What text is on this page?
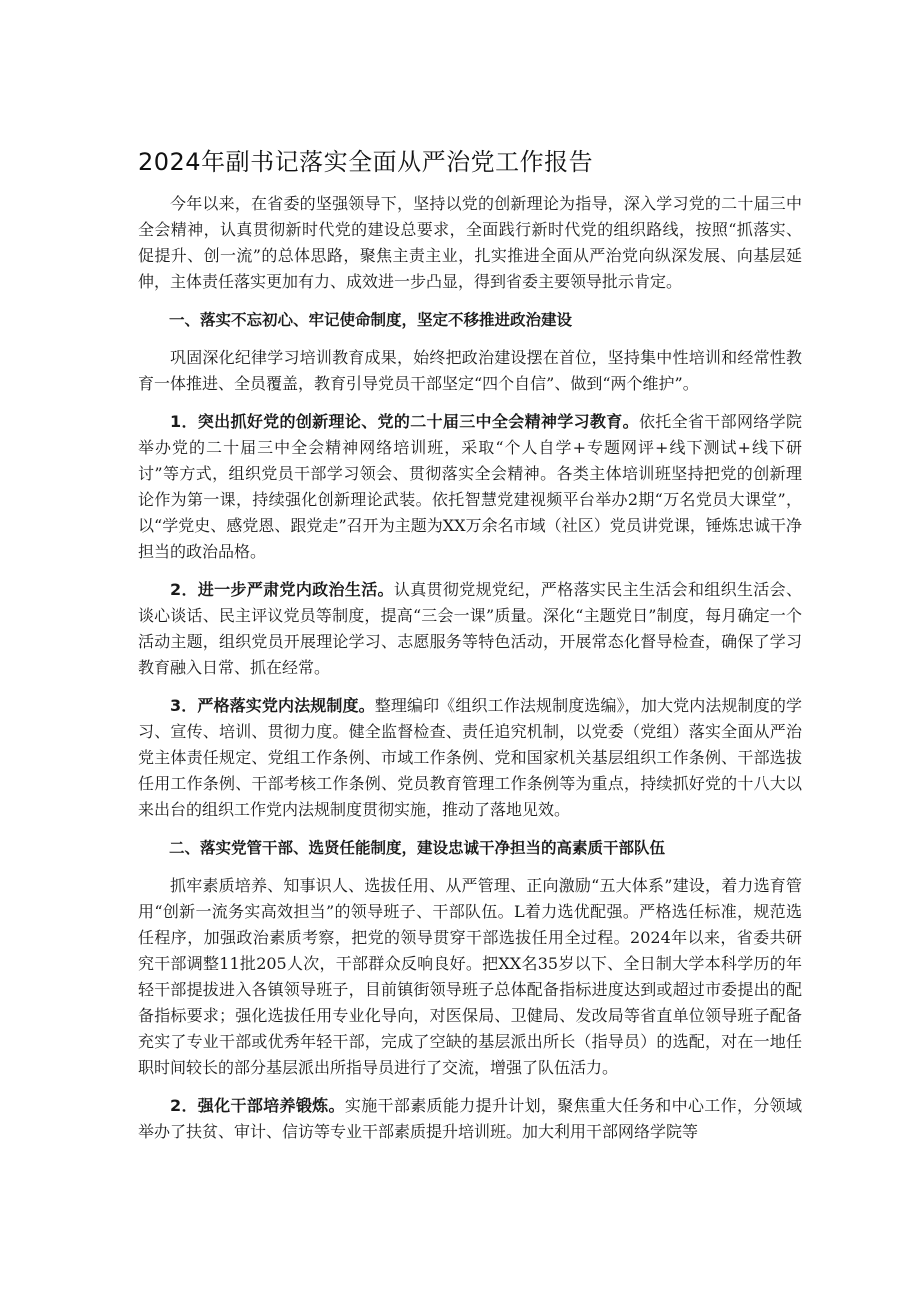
2024年副书记落实全面从严治党工作报告

今年以来，在省委的坚强领导下，坚持以党的创新理论为指导，深入学习党的二十届三中全会精神，认真贯彻新时代党的建设总要求，全面践行新时代党的组织路线，按照“抓落实、促提升、创一流”的总体思路，聚焦主责主业，扎实推进全面从严治党向纵深发展、向基层延伸，主体责任落实更加有力、成效进一步凸显，得到省委主要领导批示肯定。

一、落实不忘初心、牢记使命制度，坚定不移推进政治建设

巩固深化纪律学习培训教育成果，始终把政治建设摆在首位，坚持集中性培训和经常性教育一体推进、全员覆盖，教育引导党员干部坚定“四个自信”、做到“两个维护”。

1．突出抓好党的创新理论、党的二十届三中全会精神学习教育。依托全省干部网络学院举办党的二十届三中全会精神网络培训班，采取“个人自学+专题网评+线下测试+线下研讨”等方式，组织党员干部学习领会、贯彻落实全会精神。各类主体培训班坚持把党的创新理论作为第一课，持续强化创新理论武装。依托智慧党建视频平台举办2期“万名党员大课堂”，以“学党史、感党恩、跟党走”召开为主题为XX万余名市域（社区）党员讲党课，锤炼忠诚干净担当的政治品格。

2．进一步严肃党内政治生活。认真贯彻党规党纪，严格落实民主生活会和组织生活会、谈心谈话、民主评议党员等制度，提高“三会一课”质量。深化“主题党日”制度，每月确定一个活动主题，组织党员开展理论学习、志愿服务等特色活动，开展常态化督导检查，确保了学习教育融入日常、抓在经常。

3．严格落实党内法规制度。整理编印《组织工作法规制度选编》，加大党内法规制度的学习、宣传、培训、贯彻力度。健全监督检查、责任追究机制，以党委（党组）落实全面从严治党主体责任规定、党组工作条例、市域工作条例、党和国家机关基层组织工作条例、干部选拔任用工作条例、干部考核工作条例、党员教育管理工作条例等为重点，持续抓好党的十八大以来出台的组织工作党内法规制度贯彻实施，推动了落地见效。

二、落实党管干部、选贤任能制度，建设忠诚干净担当的高素质干部队伍

抓牢素质培养、知事识人、选拔任用、从严管理、正向激励“五大体系”建设，着力选育管用“创新一流务实高效担当”的领导班子、干部队伍。L着力选优配强。严格选任标准，规范选任程序，加强政治素质考察，把党的领导贯穿干部选拔任用全过程。2024年以来，省委共研究干部调整11批205人次，干部群众反响良好。把XX名35岁以下、全日制大学本科学历的年轻干部提拔进入各镇领导班子，目前镇街领导班子总体配备指标进度达到或超过市委提出的配备指标要求；强化选拔任用专业化导向，对医保局、卫健局、发改局等省直单位领导班子配备充实了专业干部或优秀年轻干部，完成了空缺的基层派出所长（指导员）的选配，对在一地任职时间较长的部分基层派出所指导员进行了交流，增强了队伍活力。

2．强化干部培养锻炼。实施干部素质能力提升计划，聚焦重大任务和中心工作，分领域举办了扶贫、审计、信访等专业干部素质提升培训班。加大利用干部网络学院等
